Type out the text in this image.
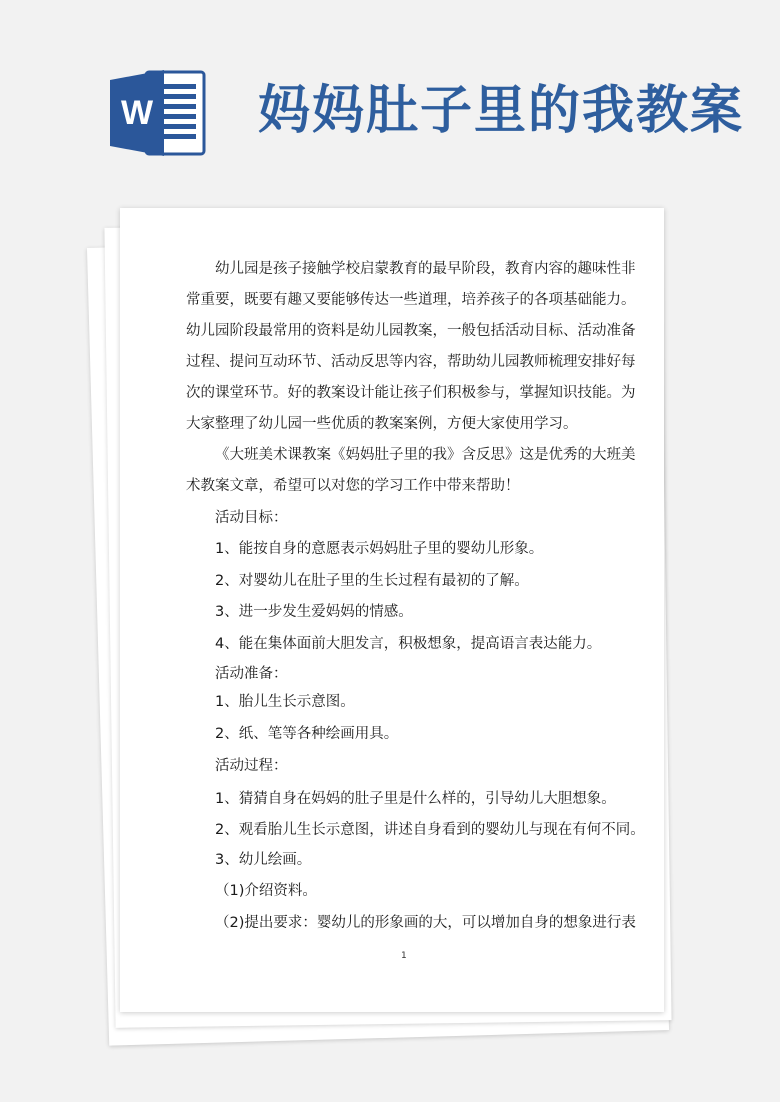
W 妈妈肚子里的我教案
幼儿园是孩子接触学校启蒙教育的最早阶段，教育内容的趣味性非
常重要，既要有趣又要能够传达一些道理，培养孩子的各项基础能力。
幼儿园阶段最常用的资料是幼儿园教案，一般包括活动目标、活动准备
过程、提问互动环节、活动反思等内容，帮助幼儿园教师梳理安排好每
次的课堂环节。好的教案设计能让孩子们积极参与，掌握知识技能。为
大家整理了幼儿园一些优质的教案案例，方便大家使用学习。
《大班美术课教案《妈妈肚子里的我》含反思》这是优秀的大班美
术教案文章，希望可以对您的学习工作中带来帮助！
活动目标：
1、能按自身的意愿表示妈妈肚子里的婴幼儿形象。
2、对婴幼儿在肚子里的生长过程有最初的了解。
3、进一步发生爱妈妈的情感。
4、能在集体面前大胆发言，积极想象，提高语言表达能力。
活动准备：
1、胎儿生长示意图。
2、纸、笔等各种绘画用具。
活动过程：
1、猜猜自身在妈妈的肚子里是什么样的，引导幼儿大胆想象。
2、观看胎儿生长示意图，讲述自身看到的婴幼儿与现在有何不同。
3、幼儿绘画。
（1)介绍资料。
（2)提出要求：婴幼儿的形象画的大，可以增加自身的想象进行表
1
